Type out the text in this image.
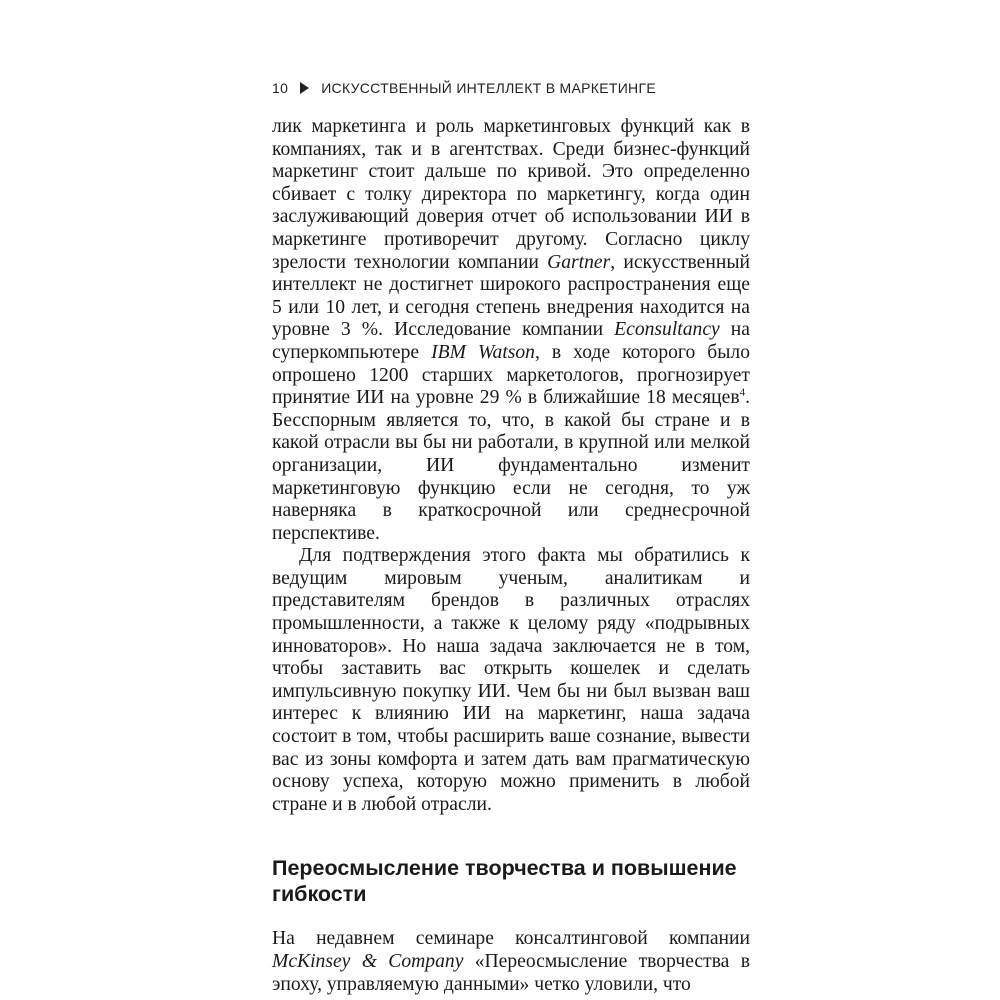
10 ИСКУССТВЕННЫЙ ИНТЕЛЛЕКТ В МАРКЕТИНГЕ

лик маркетинга и роль маркетинговых функций как в компаниях, так и в агентствах. Среди бизнес-функций маркетинг стоит дальше по кривой. Это определенно сбивает с толку директора по маркетингу, когда один заслуживающий доверия отчет об использовании ИИ в маркетинге противоречит другому. Согласно циклу зрелости технологии компании Gartner, искусственный интеллект не достигнет широкого распространения еще 5 или 10 лет, и сегодня степень внедрения находится на уровне 3 %. Исследование компании Econsultancy на суперкомпьютере IBM Watson, в ходе которого было опрошено 1200 старших маркетологов, прогнозирует принятие ИИ на уровне 29 % в ближайшие 18 месяцев$^4$. Бесспорным является то, что, в какой бы стране и в какой отрасли вы бы ни работали, в крупной или мелкой организации, ИИ фундаментально изменит маркетинговую функцию если не сегодня, то уж наверняка в краткосрочной или среднесрочной перспективе.

Для подтверждения этого факта мы обратились к ведущим мировым ученым, аналитикам и представителям брендов в различных отраслях промышленности, а также к целому ряду «подрывных инноваторов». Но наша задача заключается не в том, чтобы заставить вас открыть кошелек и сделать импульсивную покупку ИИ. Чем бы ни был вызван ваш интерес к влиянию ИИ на маркетинг, наша задача состоит в том, чтобы расширить ваше сознание, вывести вас из зоны комфорта и затем дать вам прагматическую основу успеха, которую можно применить в любой стране и в любой отрасли.

Переосмысление творчества и повышение гибкости

На недавнем семинаре консалтинговой компании McKinsey & Company «Переосмысление творчества в эпоху, управляемую данными» четко уловили, что
